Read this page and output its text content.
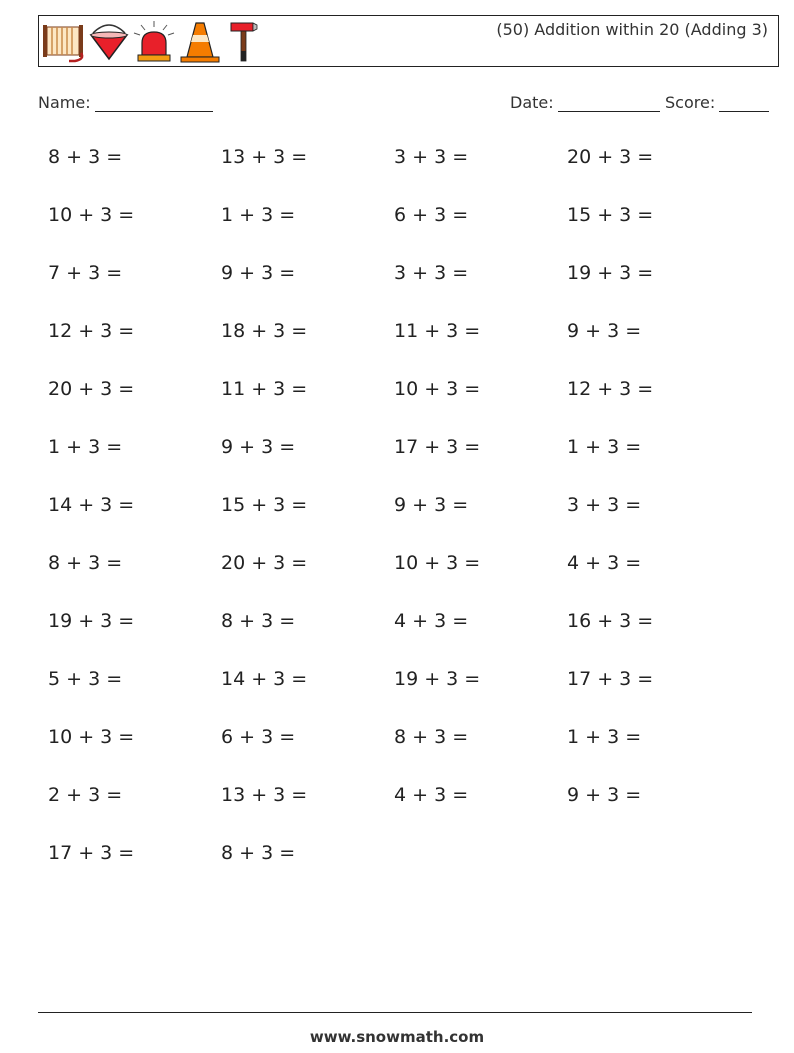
(50) Addition within 20 (Adding 3)
Name:	Date:	Score:
8 + 3 =	13 + 3 =	3 + 3 =	20 + 3 =
10 + 3 =	1 + 3 =	6 + 3 =	15 + 3 =
7 + 3 =	9 + 3 =	3 + 3 =	19 + 3 =
12 + 3 =	18 + 3 =	11 + 3 =	9 + 3 =
20 + 3 =	11 + 3 =	10 + 3 =	12 + 3 =
1 + 3 =	9 + 3 =	17 + 3 =	1 + 3 =
14 + 3 =	15 + 3 =	9 + 3 =	3 + 3 =
8 + 3 =	20 + 3 =	10 + 3 =	4 + 3 =
19 + 3 =	8 + 3 =	4 + 3 =	16 + 3 =
5 + 3 =	14 + 3 =	19 + 3 =	17 + 3 =
10 + 3 =	6 + 3 =	8 + 3 =	1 + 3 =
2 + 3 =	13 + 3 =	4 + 3 =	9 + 3 =
17 + 3 =	8 + 3 =
www.snowmath.com
